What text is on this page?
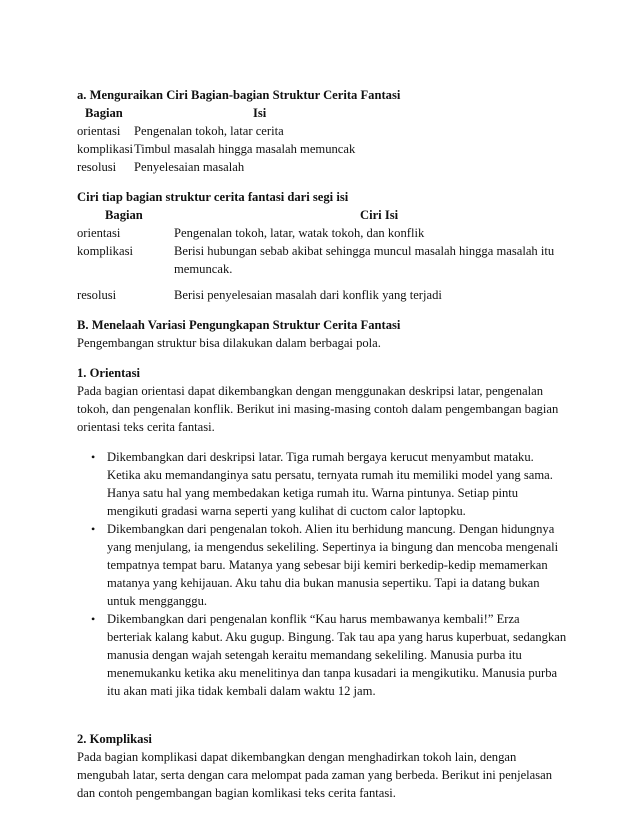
a. Menguraikan Ciri Bagian-bagian Struktur Cerita Fantasi
Bagian	Isi
orientasi Pengenalan tokoh, latar cerita
komplikasi Timbul masalah hingga masalah memuncak
resolusi Penyelesaian masalah
Ciri tiap bagian struktur cerita fantasi dari segi isi
Bagian	Ciri Isi
orientasi	Pengenalan tokoh, latar, watak tokoh, dan konflik
komplikasi	Berisi hubungan sebab akibat sehingga muncul masalah hingga masalah itu memuncak.
resolusi	Berisi penyelesaian masalah dari konflik yang terjadi

B. Menelaah Variasi Pengungkapan Struktur Cerita Fantasi

Pengembangan struktur bisa dilakukan dalam berbagai pola.

1. Orientasi

Pada bagian orientasi dapat dikembangkan dengan menggunakan deskripsi latar, pengenalan tokoh, dan pengenalan konflik. Berikut ini masing-masing contoh dalam pengembangan bagian orientasi teks cerita fantasi.

• Dikembangkan dari deskripsi latar. Tiga rumah bergaya kerucut menyambut mataku. Ketika aku memandanginya satu persatu, ternyata rumah itu memiliki model yang sama. Hanya satu hal yang membedakan ketiga rumah itu. Warna pintunya. Setiap pintu mengikuti gradasi warna seperti yang kulihat di cuctom calor laptopku.
• Dikembangkan dari pengenalan tokoh. Alien itu berhidung mancung. Dengan hidungnya yang menjulang, ia mengendus sekeliling. Sepertinya ia bingung dan mencoba mengenali tempatnya tempat baru. Matanya yang sebesar biji kemiri berkedip-kedip memamerkan matanya yang kehijauan. Aku tahu dia bukan manusia sepertiku. Tapi ia datang bukan untuk mengganggu.
• Dikembangkan dari pengenalan konflik “Kau harus membawanya kembali!” Erza berteriak kalang kabut. Aku gugup. Bingung. Tak tau apa yang harus kuperbuat, sedangkan manusia dengan wajah setengah keraitu memandang sekeliling. Manusia purba itu menemukanku ketika aku menelitinya dan tanpa kusadari ia mengikutiku. Manusia purba itu akan mati jika tidak kembali dalam waktu 12 jam.

2. Komplikasi

Pada bagian komplikasi dapat dikembangkan dengan menghadirkan tokoh lain, dengan mengubah latar, serta dengan cara melompat pada zaman yang berbeda. Berikut ini penjelasan dan contoh pengembangan bagian komlikasi teks cerita fantasi.
